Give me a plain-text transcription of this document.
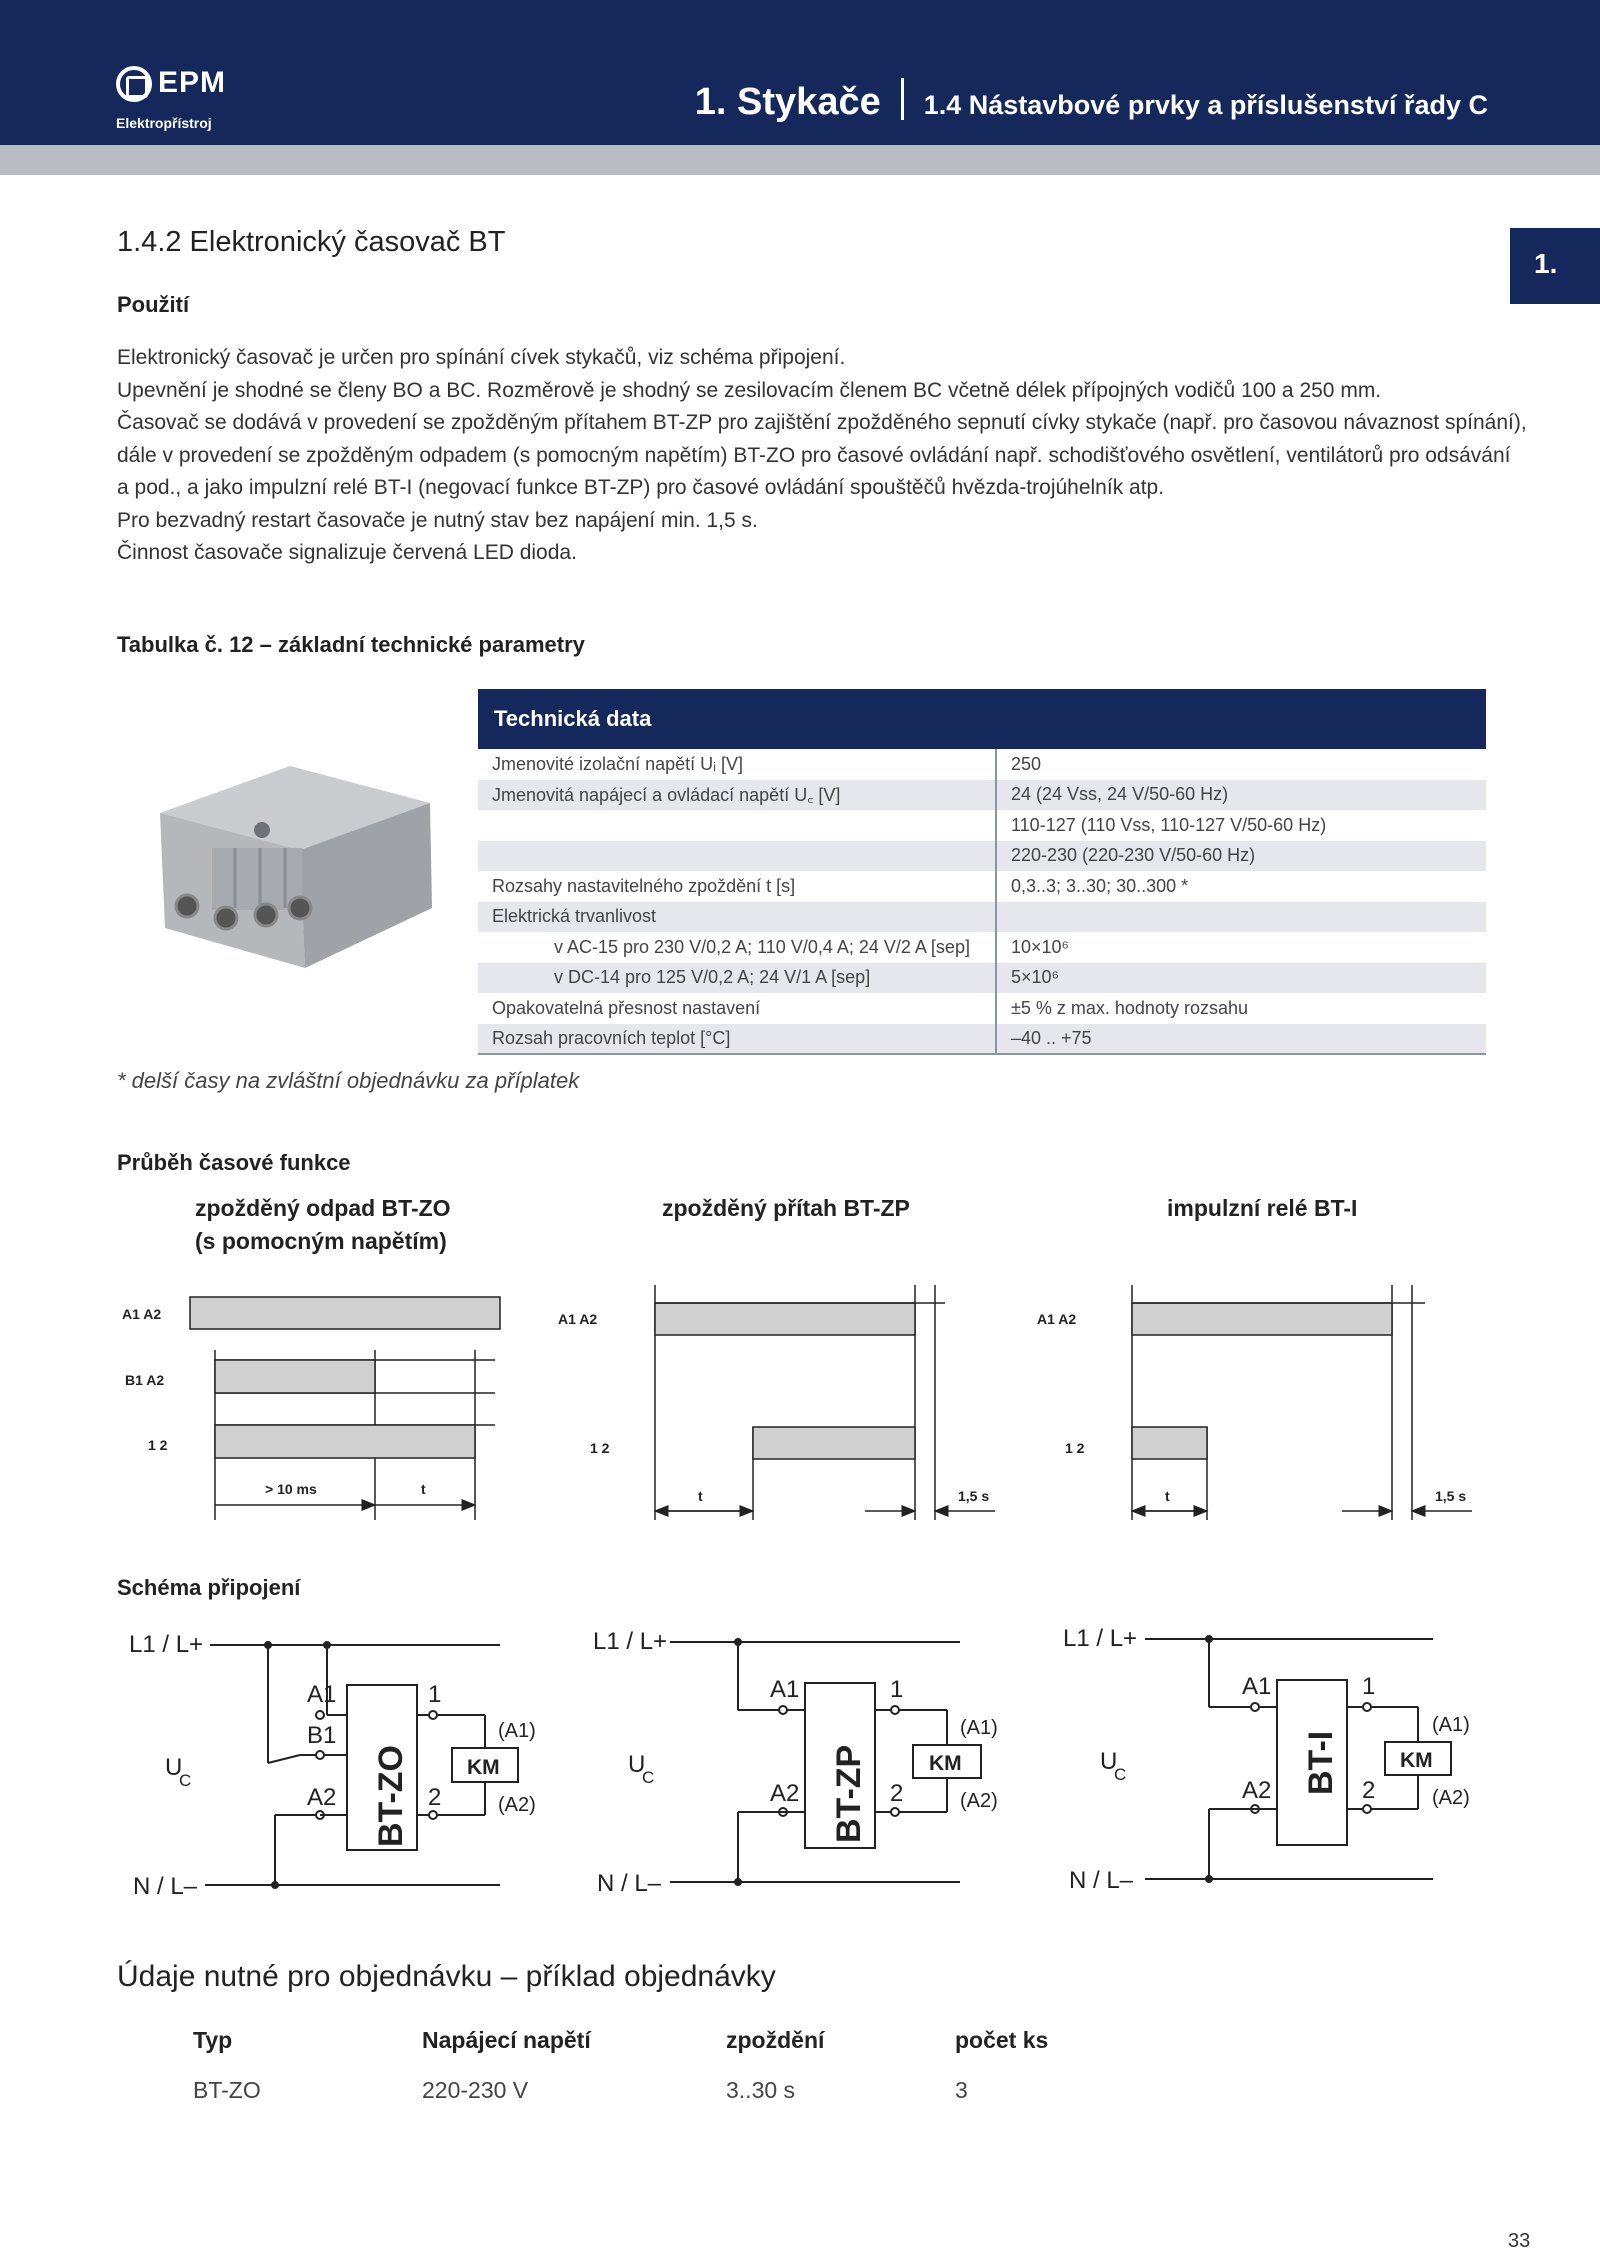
EPM
Elektropřístroj	1. Stykače 1.4 Nástavbové prvky a příslušenství řady C
1.
1.4.2 Elektronický časovač BT
Použití

Elektronický časovač je určen pro spínání cívek stykačů, viz schéma připojení.

Upevnění je shodné se členy BO a BC. Rozměrově je shodný se zesilovacím členem BC včetně délek přípojných vodičů 100 a 250 mm.

Časovač se dodává v provedení se zpožděným přítahem BT-ZP pro zajištění zpožděného sepnutí cívky stykače (např. pro časovou návaznost spínání),

dále v provedení se zpožděným odpadem (s pomocným napětím) BT-ZO pro časové ovládání např. schodišťového osvětlení, ventilátorů pro odsávání

a pod., a jako impulzní relé BT-I (negovací funkce BT-ZP) pro časové ovládání spouštěčů hvězda-trojúhelník atp.

Pro bezvadný restart časovače je nutný stav bez napájení min. 1,5 s.

Činnost časovače signalizuje červená LED dioda.

Tabulka č. 12 – základní technické parametry
Technická data	
Jmenovité izolační napětí Uᵢ [V]	250
Jmenovitá napájecí a ovládací napětí U꜀ [V]	24 (24 Vss, 24 V/50-60 Hz)
	110-127 (110 Vss, 110-127 V/50-60 Hz)
	220-230 (220-230 V/50-60 Hz)
Rozsahy nastavitelného zpoždění t [s]	0,3..3; 3..30; 30..300 *
Elektrická trvanlivost	
v AC-15 pro 230 V/0,2 A; 110 V/0,4 A; 24 V/2 A [sep]	10×10⁶
v DC-14 pro 125 V/0,2 A; 24 V/1 A [sep]	5×10⁶
Opakovatelná přesnost nastavení	±5 % z max. hodnoty rozsahu
Rozsah pracovních teplot [°C]	–40 .. +75
* delší časy na zvláštní objednávku za příplatek
Průběh časové funkce
zpožděný odpad BT-ZO
(s pomocným napětím)
zpožděný přítah BT-ZP	impulzní relé BT-I
A1 A2
B1 A2
1 2
> 10 ms	t
A1 A2
1 2
t	1,5 s
A1 A2
1 2
t	1,5 s
Schéma připojení
L1 / L+
U
C
A1
B1
A2 BT-ZO
1
2
KM
(A1)
(A2)
N / L–
L1 / L+
U
C
A1
A2 BT-ZP
1
2
KM
(A1)
(A2)
N / L–
L1 / L+
U
C
A1
A2 BT-I
1
2
KM
(A1)
(A2)
N / L–
Údaje nutné pro objednávku – příklad objednávky
Typ	Napájecí napětí	zpoždění	počet ks
BT-ZO	220-230 V	3..30 s	3
33
